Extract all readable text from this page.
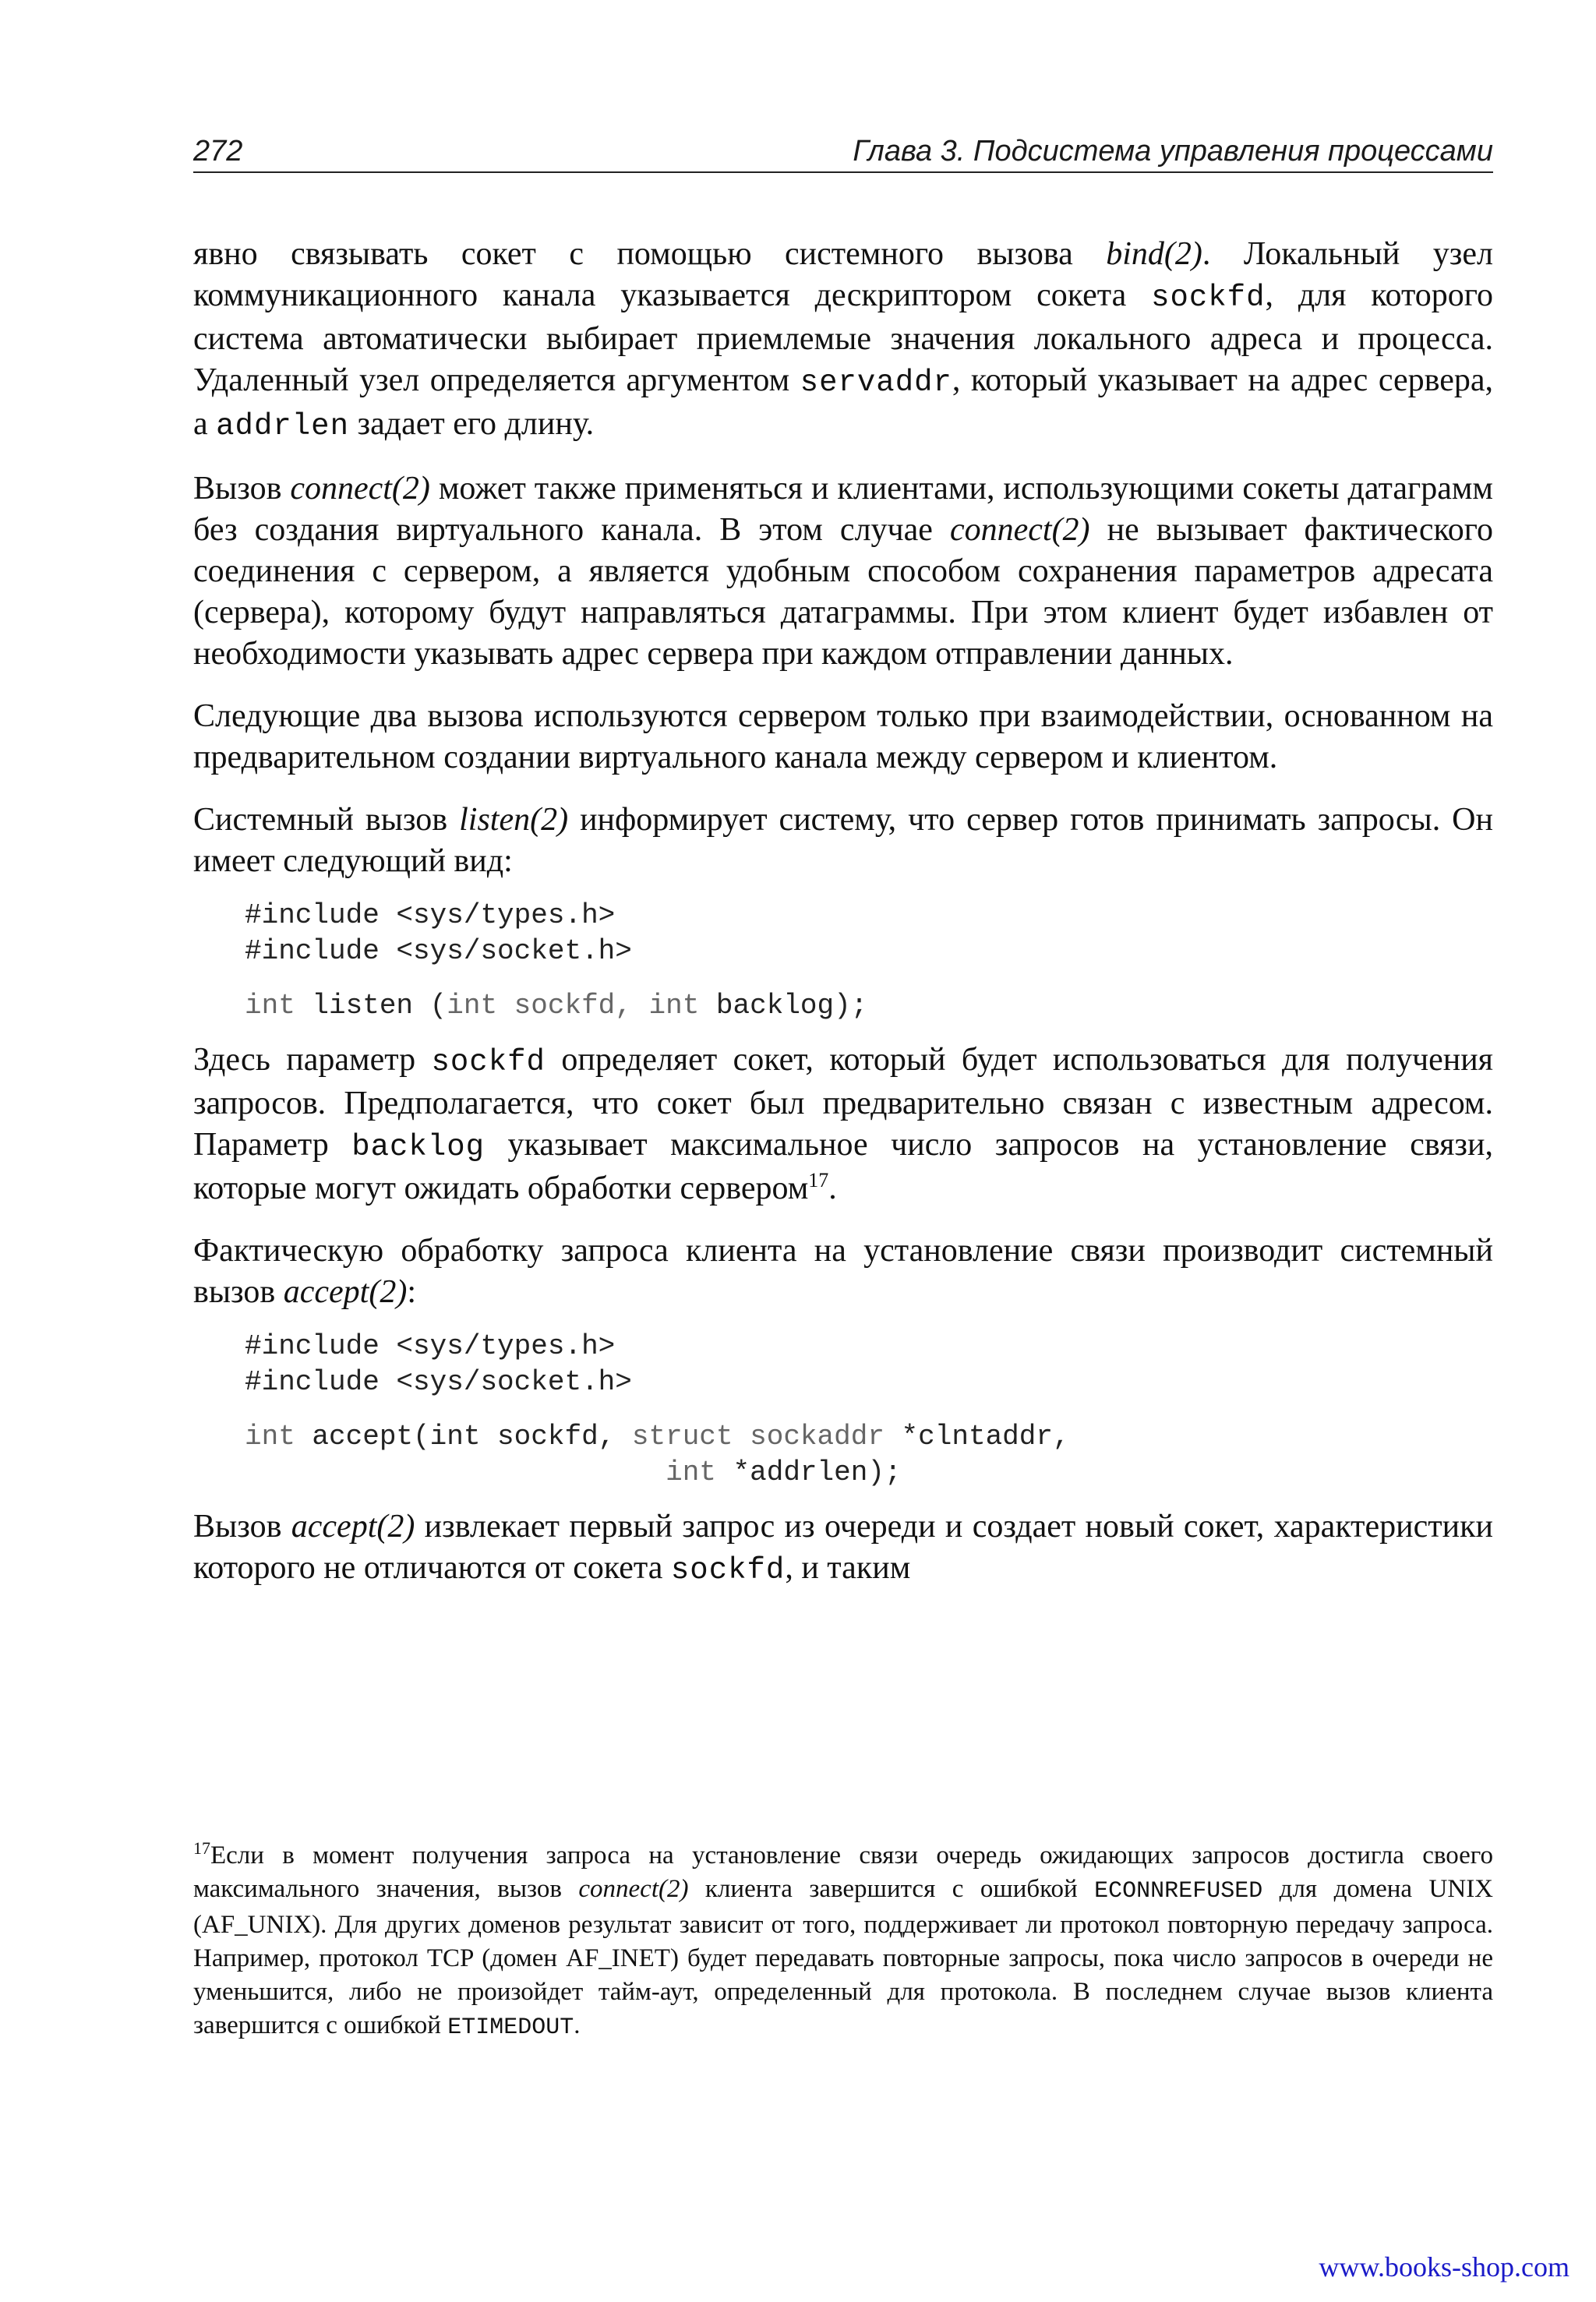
272	Глава 3. Подсистема управления процессами

явно связывать сокет с помощью системного вызова bind(2). Локальный узел коммуникационного канала указывается дескриптором сокета sockfd, для которого система автоматически выбирает приемлемые значения локального адреса и процесса. Удаленный узел определяется аргументом servaddr, который указывает на адрес сервера, а addrlen задает его длину.

Вызов connect(2) может также применяться и клиентами, использующими сокеты датаграмм без создания виртуального канала. В этом случае connect(2) не вызывает фактического соединения с сервером, а является удобным способом сохранения параметров адресата (сервера), которому будут направляться датаграммы. При этом клиент будет избавлен от необходимости указывать адрес сервера при каждом отправлении данных.

Следующие два вызова используются сервером только при взаимодействии, основанном на предварительном создании виртуального канала между сервером и клиентом.

Системный вызов listen(2) информирует систему, что сервер готов принимать запросы. Он имеет следующий вид:

#include <sys/types.h>
#include <sys/socket.h>
int listen (int sockfd, int backlog);

Здесь параметр sockfd определяет сокет, который будет использоваться для получения запросов. Предполагается, что сокет был предварительно связан с известным адресом. Параметр backlog указывает максимальное число запросов на установление связи, которые могут ожидать обработки сервером$^{17}$.

Фактическую обработку запроса клиента на установление связи производит системный вызов accept(2):

#include <sys/types.h>
#include <sys/socket.h>
int accept(int sockfd, struct sockaddr *clntaddr,
int *addrlen);

Вызов accept(2) извлекает первый запрос из очереди и создает новый сокет, характеристики которого не отличаются от сокета sockfd, и таким

$^{17}$Если в момент получения запроса на установление связи очередь ожидающих запросов достигла своего максимального значения, вызов connect(2) клиента завершится с ошибкой ECONNREFUSED для домена UNIX (AF_UNIX). Для других доменов результат зависит от того, поддерживает ли протокол повторную передачу запроса. Например, протокол TCP (домен AF_INET) будет передавать повторные запросы, пока число запросов в очереди не уменьшится, либо не произойдет тайм-аут, определенный для протокола. В последнем случае вызов клиента завершится с ошибкой ETIMEDOUT.
www.books-shop.com
